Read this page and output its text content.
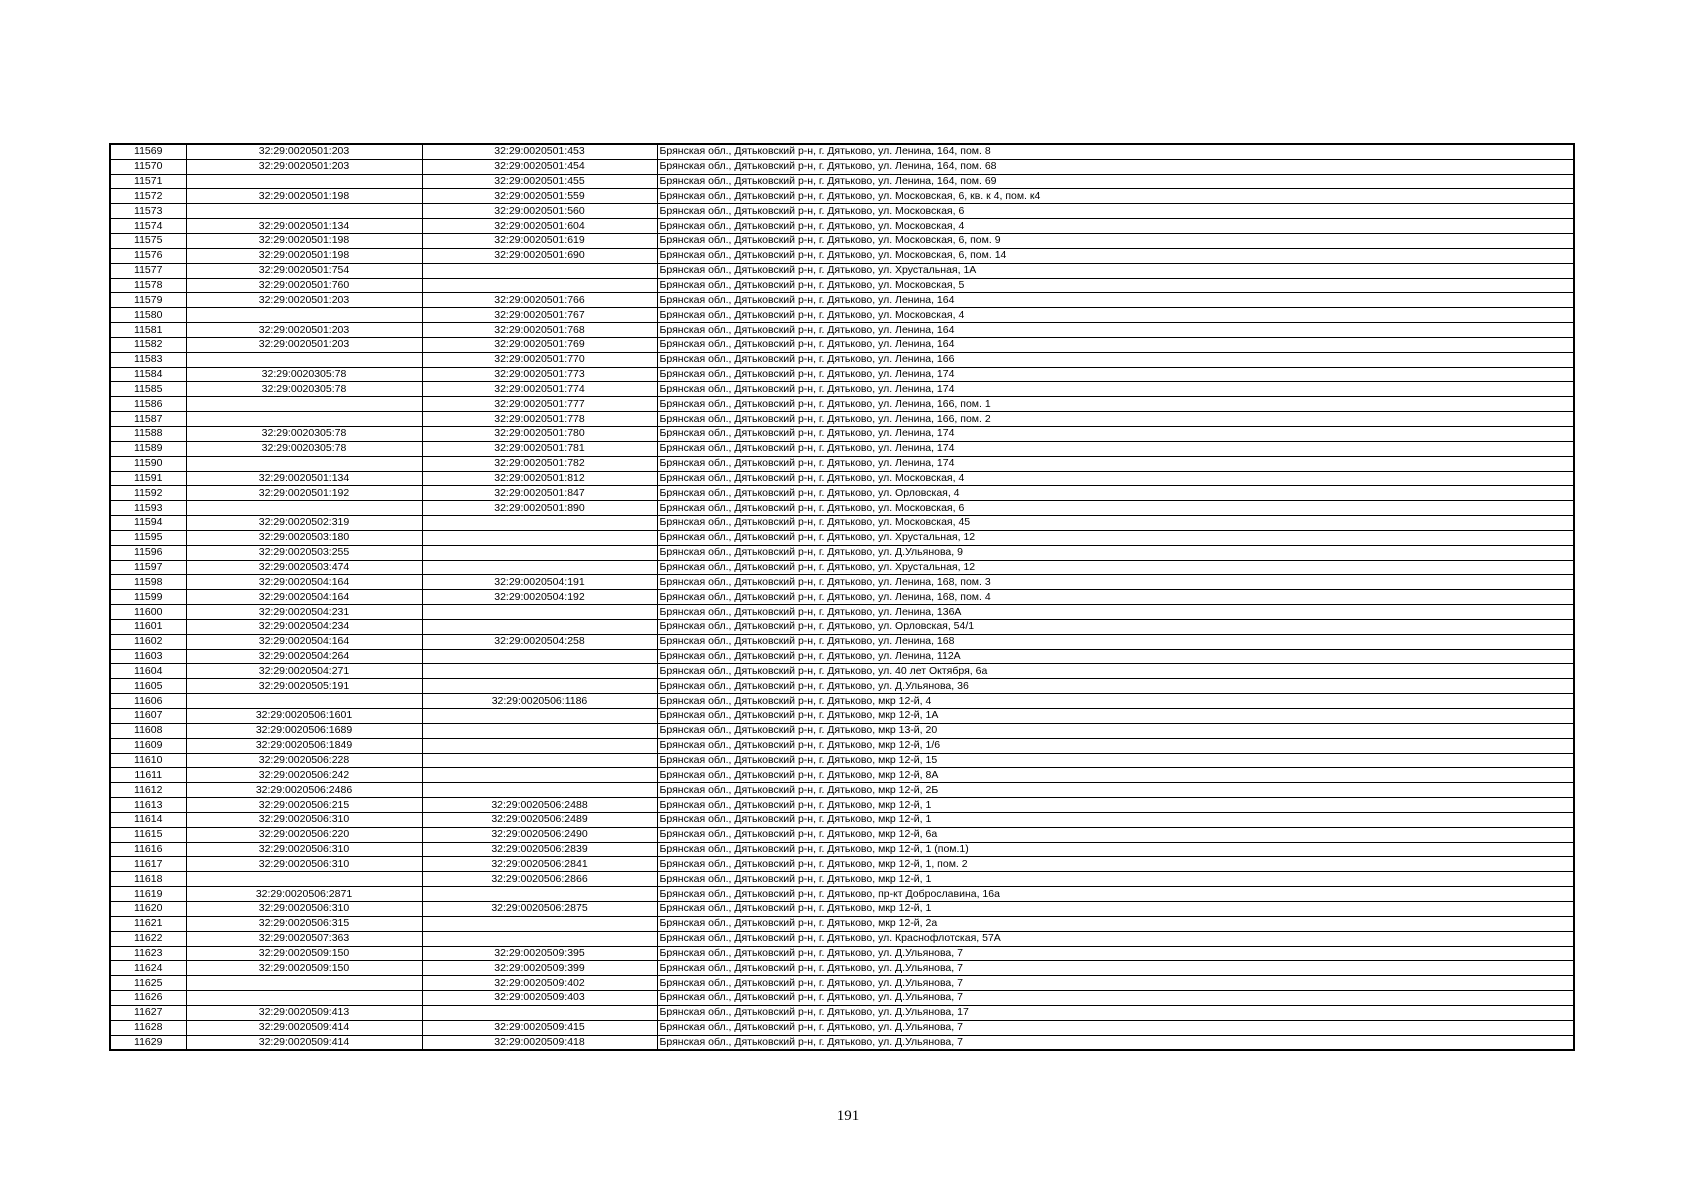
11569	32:29:0020501:203	32:29:0020501:453	Брянская обл., Дятьковский р-н, г. Дятьково, ул. Ленина, 164, пом. 8
11570	32:29:0020501:203	32:29:0020501:454	Брянская обл., Дятьковский р-н, г. Дятьково, ул. Ленина, 164, пом. 68
11571		32:29:0020501:455	Брянская обл., Дятьковский р-н, г. Дятьково, ул. Ленина, 164, пом. 69
11572	32:29:0020501:198	32:29:0020501:559	Брянская обл., Дятьковский р-н, г. Дятьково, ул. Московская, 6, кв. к 4, пом. к4
11573		32:29:0020501:560	Брянская обл., Дятьковский р-н, г. Дятьково, ул. Московская, 6
11574	32:29:0020501:134	32:29:0020501:604	Брянская обл., Дятьковский р-н, г. Дятьково, ул. Московская, 4
11575	32:29:0020501:198	32:29:0020501:619	Брянская обл., Дятьковский р-н, г. Дятьково, ул. Московская, 6, пом. 9
11576	32:29:0020501:198	32:29:0020501:690	Брянская обл., Дятьковский р-н, г. Дятьково, ул. Московская, 6, пом. 14
11577	32:29:0020501:754		Брянская обл., Дятьковский р-н, г. Дятьково, ул. Хрустальная, 1А
11578	32:29:0020501:760		Брянская обл., Дятьковский р-н, г. Дятьково, ул. Московская, 5
11579	32:29:0020501:203	32:29:0020501:766	Брянская обл., Дятьковский р-н, г. Дятьково, ул. Ленина, 164
11580		32:29:0020501:767	Брянская обл., Дятьковский р-н, г. Дятьково, ул. Московская, 4
11581	32:29:0020501:203	32:29:0020501:768	Брянская обл., Дятьковский р-н, г. Дятьково, ул. Ленина, 164
11582	32:29:0020501:203	32:29:0020501:769	Брянская обл., Дятьковский р-н, г. Дятьково, ул. Ленина, 164
11583		32:29:0020501:770	Брянская обл., Дятьковский р-н, г. Дятьково, ул. Ленина, 166
11584	32:29:0020305:78	32:29:0020501:773	Брянская обл., Дятьковский р-н, г. Дятьково, ул. Ленина, 174
11585	32:29:0020305:78	32:29:0020501:774	Брянская обл., Дятьковский р-н, г. Дятьково, ул. Ленина, 174
11586		32:29:0020501:777	Брянская обл., Дятьковский р-н, г. Дятьково, ул. Ленина, 166, пом. 1
11587		32:29:0020501:778	Брянская обл., Дятьковский р-н, г. Дятьково, ул. Ленина, 166, пом. 2
11588	32:29:0020305:78	32:29:0020501:780	Брянская обл., Дятьковский р-н, г. Дятьково, ул. Ленина, 174
11589	32:29:0020305:78	32:29:0020501:781	Брянская обл., Дятьковский р-н, г. Дятьково, ул. Ленина, 174
11590		32:29:0020501:782	Брянская обл., Дятьковский р-н, г. Дятьково, ул. Ленина, 174
11591	32:29:0020501:134	32:29:0020501:812	Брянская обл., Дятьковский р-н, г. Дятьково, ул. Московская, 4
11592	32:29:0020501:192	32:29:0020501:847	Брянская обл., Дятьковский р-н, г. Дятьково, ул. Орловская, 4
11593		32:29:0020501:890	Брянская обл., Дятьковский р-н, г. Дятьково, ул. Московская, 6
11594	32:29:0020502:319		Брянская обл., Дятьковский р-н, г. Дятьково, ул. Московская, 45
11595	32:29:0020503:180		Брянская обл., Дятьковский р-н, г. Дятьково, ул. Хрустальная, 12
11596	32:29:0020503:255		Брянская обл., Дятьковский р-н, г. Дятьково, ул. Д.Ульянова, 9
11597	32:29:0020503:474		Брянская обл., Дятьковский р-н, г. Дятьково, ул. Хрустальная, 12
11598	32:29:0020504:164	32:29:0020504:191	Брянская обл., Дятьковский р-н, г. Дятьково, ул. Ленина, 168, пом. 3
11599	32:29:0020504:164	32:29:0020504:192	Брянская обл., Дятьковский р-н, г. Дятьково, ул. Ленина, 168, пом. 4
11600	32:29:0020504:231		Брянская обл., Дятьковский р-н, г. Дятьково, ул. Ленина, 136А
11601	32:29:0020504:234		Брянская обл., Дятьковский р-н, г. Дятьково, ул. Орловская, 54/1
11602	32:29:0020504:164	32:29:0020504:258	Брянская обл., Дятьковский р-н, г. Дятьково, ул. Ленина, 168
11603	32:29:0020504:264		Брянская обл., Дятьковский р-н, г. Дятьково, ул. Ленина, 112А
11604	32:29:0020504:271		Брянская обл., Дятьковский р-н, г. Дятьково, ул. 40 лет Октября, 6а
11605	32:29:0020505:191		Брянская обл., Дятьковский р-н, г. Дятьково, ул. Д.Ульянова, 36
11606		32:29:0020506:1186	Брянская обл., Дятьковский р-н, г. Дятьково, мкр 12-й, 4
11607	32:29:0020506:1601		Брянская обл., Дятьковский р-н, г. Дятьково, мкр 12-й, 1А
11608	32:29:0020506:1689		Брянская обл., Дятьковский р-н, г. Дятьково, мкр 13-й, 20
11609	32:29:0020506:1849		Брянская обл., Дятьковский р-н, г. Дятьково, мкр 12-й, 1/6
11610	32:29:0020506:228		Брянская обл., Дятьковский р-н, г. Дятьково, мкр 12-й, 15
11611	32:29:0020506:242		Брянская обл., Дятьковский р-н, г. Дятьково, мкр 12-й, 8А
11612	32:29:0020506:2486		Брянская обл., Дятьковский р-н, г. Дятьково, мкр 12-й, 2Б
11613	32:29:0020506:215	32:29:0020506:2488	Брянская обл., Дятьковский р-н, г. Дятьково, мкр 12-й, 1
11614	32:29:0020506:310	32:29:0020506:2489	Брянская обл., Дятьковский р-н, г. Дятьково, мкр 12-й, 1
11615	32:29:0020506:220	32:29:0020506:2490	Брянская обл., Дятьковский р-н, г. Дятьково, мкр 12-й, 6а
11616	32:29:0020506:310	32:29:0020506:2839	Брянская обл., Дятьковский р-н, г. Дятьково, мкр 12-й, 1 (пом.1)
11617	32:29:0020506:310	32:29:0020506:2841	Брянская обл., Дятьковский р-н, г. Дятьково, мкр 12-й, 1, пом. 2
11618		32:29:0020506:2866	Брянская обл., Дятьковский р-н, г. Дятьково, мкр 12-й, 1
11619	32:29:0020506:2871		Брянская обл., Дятьковский р-н, г. Дятьково, пр-кт Доброславина, 16а
11620	32:29:0020506:310	32:29:0020506:2875	Брянская обл., Дятьковский р-н, г. Дятьково, мкр 12-й, 1
11621	32:29:0020506:315		Брянская обл., Дятьковский р-н, г. Дятьково, мкр 12-й, 2а
11622	32:29:0020507:363		Брянская обл., Дятьковский р-н, г. Дятьково, ул. Краснофлотская, 57А
11623	32:29:0020509:150	32:29:0020509:395	Брянская обл., Дятьковский р-н, г. Дятьково, ул. Д.Ульянова, 7
11624	32:29:0020509:150	32:29:0020509:399	Брянская обл., Дятьковский р-н, г. Дятьково, ул. Д.Ульянова, 7
11625		32:29:0020509:402	Брянская обл., Дятьковский р-н, г. Дятьково, ул. Д.Ульянова, 7
11626		32:29:0020509:403	Брянская обл., Дятьковский р-н, г. Дятьково, ул. Д.Ульянова, 7
11627	32:29:0020509:413		Брянская обл., Дятьковский р-н, г. Дятьково, ул. Д.Ульянова, 17
11628	32:29:0020509:414	32:29:0020509:415	Брянская обл., Дятьковский р-н, г. Дятьково, ул. Д.Ульянова, 7
11629	32:29:0020509:414	32:29:0020509:418	Брянская обл., Дятьковский р-н, г. Дятьково, ул. Д.Ульянова, 7
191
